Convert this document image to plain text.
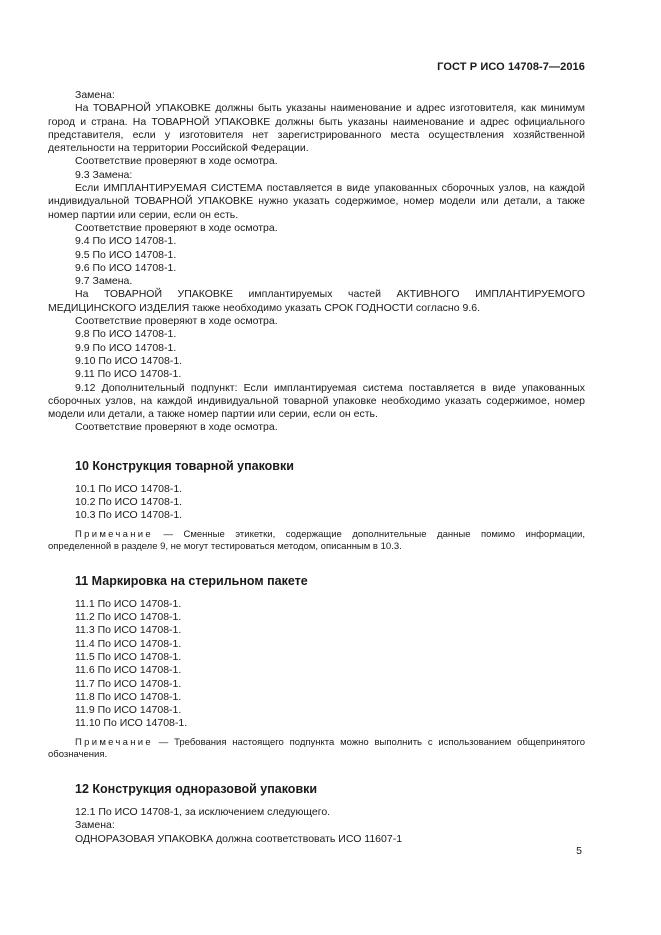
ГОСТ Р ИСО 14708-7—2016

Замена:

На ТОВАРНОЙ УПАКОВКЕ должны быть указаны наименование и адрес изготовителя, как минимум город и страна. На ТОВАРНОЙ УПАКОВКЕ должны быть указаны наименование и адрес официального представителя, если у изготовителя нет зарегистрированного места осуществления хозяйственной деятельности на территории Российской Федерации.

Соответствие проверяют в ходе осмотра.

9.3 Замена:

Если ИМПЛАНТИРУЕМАЯ СИСТЕМА поставляется в виде упакованных сборочных узлов, на каждой индивидуальной ТОВАРНОЙ УПАКОВКЕ нужно указать содержимое, номер модели или детали, а также номер партии или серии, если он есть.

Соответствие проверяют в ходе осмотра.

9.4 По ИСО 14708-1.

9.5 По ИСО 14708-1.

9.6 По ИСО 14708-1.

9.7 Замена.

На ТОВАРНОЙ УПАКОВКЕ имплантируемых частей АКТИВНОГО ИМПЛАНТИРУЕМОГО МЕДИЦИНСКОГО ИЗДЕЛИЯ также необходимо указать СРОК ГОДНОСТИ согласно 9.6.

Соответствие проверяют в ходе осмотра.

9.8 По ИСО 14708-1.

9.9 По ИСО 14708-1.

9.10 По ИСО 14708-1.

9.11 По ИСО 14708-1.

9.12 Дополнительный подпункт: Если имплантируемая система поставляется в виде упакованных сборочных узлов, на каждой индивидуальной товарной упаковке необходимо указать содержимое, номер модели или детали, а также номер партии или серии, если он есть.

Соответствие проверяют в ходе осмотра.

10 Конструкция товарной упаковки

10.1 По ИСО 14708-1.

10.2 По ИСО 14708-1.

10.3 По ИСО 14708-1.

Примечание — Сменные этикетки, содержащие дополнительные данные помимо информации, определенной в разделе 9, не могут тестироваться методом, описанным в 10.3.

11 Маркировка на стерильном пакете

11.1 По ИСО 14708-1.

11.2 По ИСО 14708-1.

11.3 По ИСО 14708-1.

11.4 По ИСО 14708-1.

11.5 По ИСО 14708-1.

11.6 По ИСО 14708-1.

11.7 По ИСО 14708-1.

11.8 По ИСО 14708-1.

11.9 По ИСО 14708-1.

11.10 По ИСО 14708-1.

Примечание — Требования настоящего подпункта можно выполнить с использованием общепринятого обозначения.

12 Конструкция одноразовой упаковки

12.1 По ИСО 14708-1, за исключением следующего.

Замена:

ОДНОРАЗОВАЯ УПАКОВКА должна соответствовать ИСО 11607-1

5
